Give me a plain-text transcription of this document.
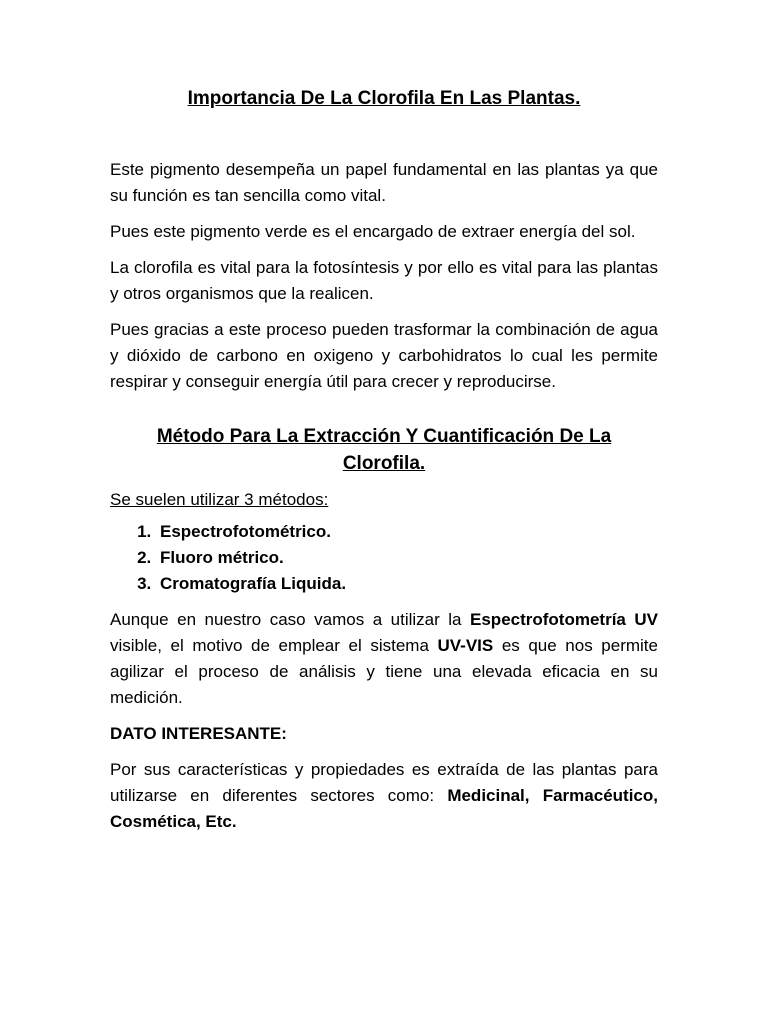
Importancia De La Clorofila En Las Plantas.

Este pigmento desempeña un papel fundamental en las plantas ya que su función es tan sencilla como vital.

Pues este pigmento verde es el encargado de extraer energía del sol.

La clorofila es vital para la fotosíntesis y por ello es vital para las plantas y otros organismos que la realicen.

Pues gracias a este proceso pueden trasformar la combinación de agua y dióxido de carbono en oxigeno y carbohidratos lo cual les permite respirar y conseguir energía útil para crecer y reproducirse.

Método Para La Extracción Y Cuantificación De La
Clorofila.

Se suelen utilizar 3 métodos:

1. Espectrofotométrico.
2. Fluoro métrico.
3. Cromatografía Liquida.

Aunque en nuestro caso vamos a utilizar la Espectrofotometría UV visible, el motivo de emplear el sistema UV-VIS es que nos permite agilizar el proceso de análisis y tiene una elevada eficacia en su medición.

DATO INTERESANTE:

Por sus características y propiedades es extraída de las plantas para utilizarse en diferentes sectores como: Medicinal, Farmacéutico, Cosmética, Etc.
